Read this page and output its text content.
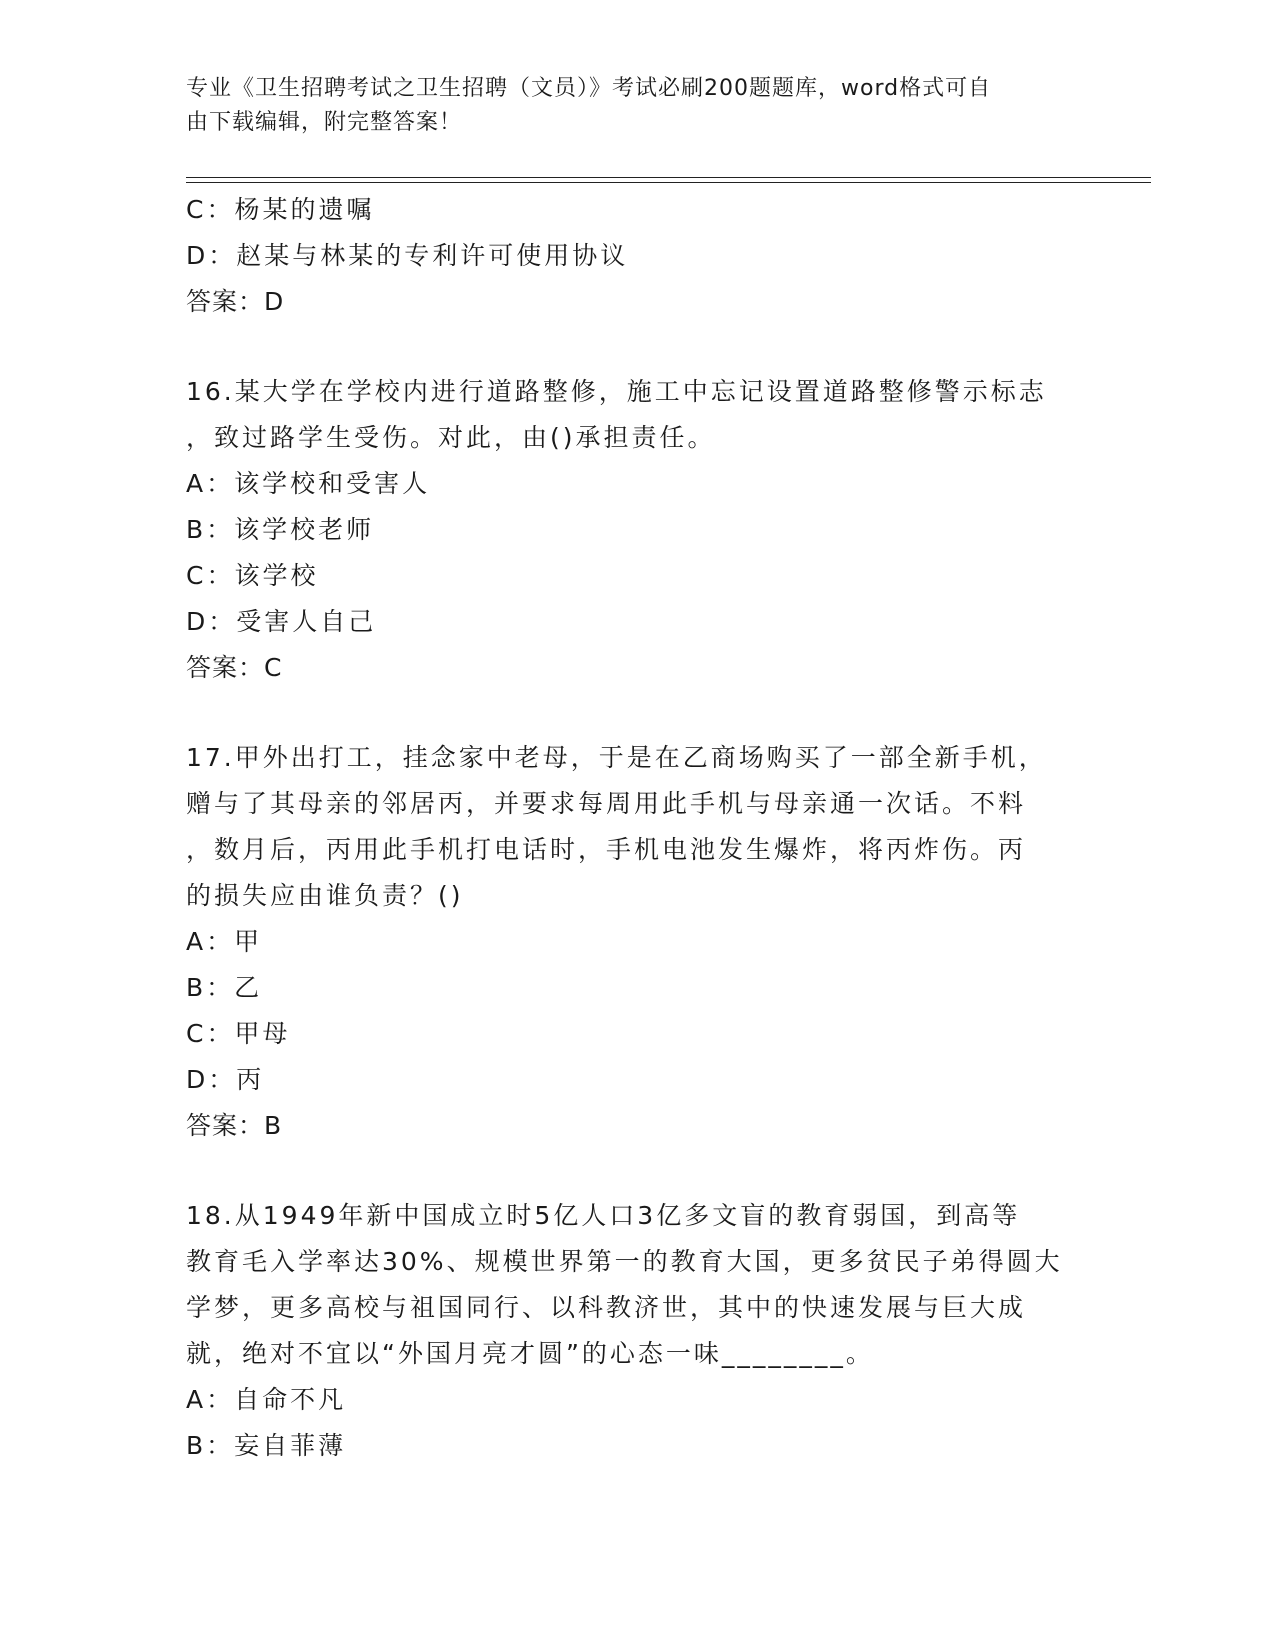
专业《卫生招聘考试之卫生招聘（文员）》考试必刷200题题库，word格式可自
由下载编辑，附完整答案！
C：杨某的遗嘱
D：赵某与林某的专利许可使用协议
答案：D
16.某大学在学校内进行道路整修，施工中忘记设置道路整修警示标志
，致过路学生受伤。对此，由()承担责任。
A：该学校和受害人
B：该学校老师
C：该学校
D：受害人自己
答案：C
17.甲外出打工，挂念家中老母，于是在乙商场购买了一部全新手机，
赠与了其母亲的邻居丙，并要求每周用此手机与母亲通一次话。不料
，数月后，丙用此手机打电话时，手机电池发生爆炸，将丙炸伤。丙
的损失应由谁负责？()
A：甲
B：乙
C：甲母
D：丙
答案：B
18.从1949年新中国成立时5亿人口3亿多文盲的教育弱国，到高等
教育毛入学率达30%、规模世界第一的教育大国，更多贫民子弟得圆大
学梦，更多高校与祖国同行、以科教济世，其中的快速发展与巨大成
就，绝对不宜以“外国月亮才圆”的心态一味________。
A：自命不凡
B：妄自菲薄
